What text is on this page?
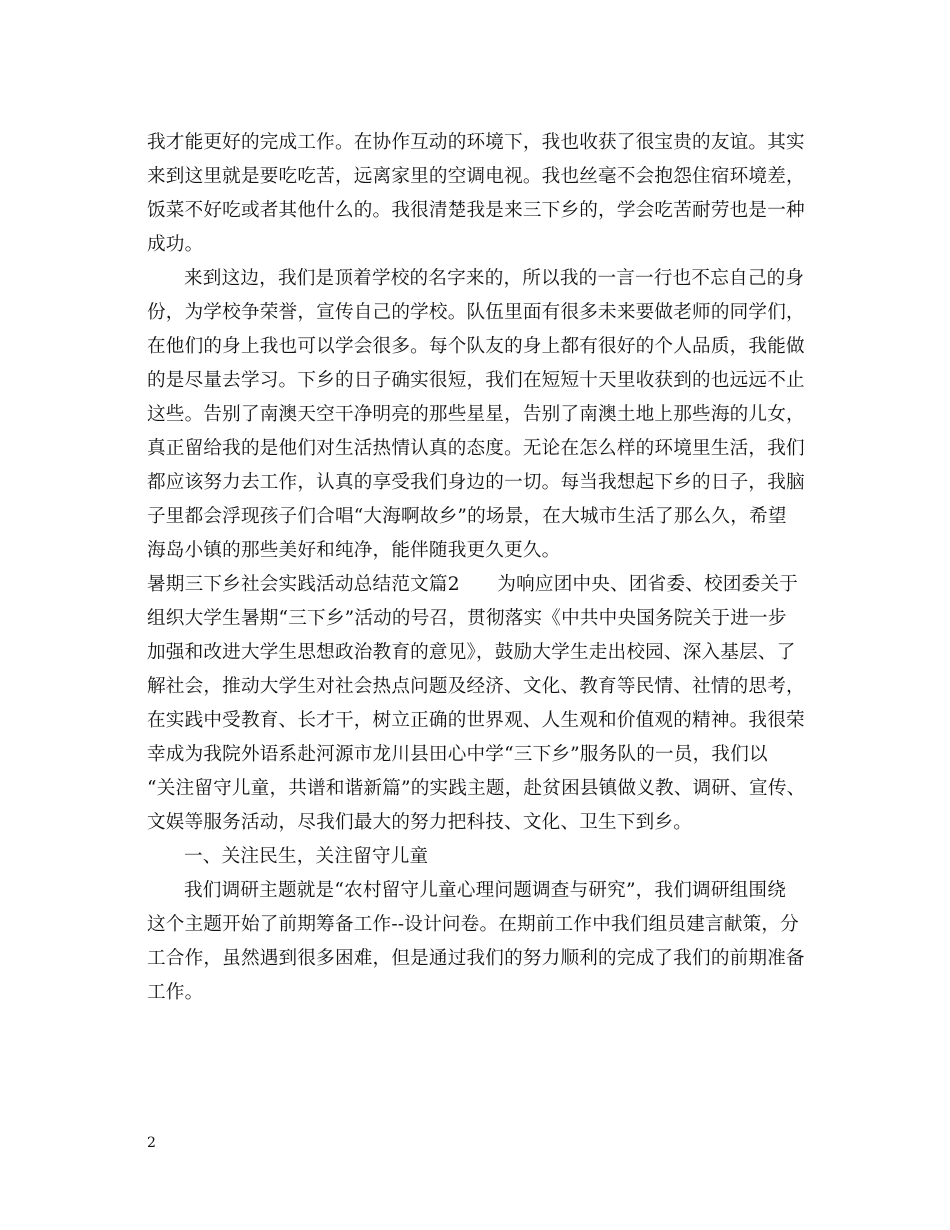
我才能更好的完成工作。在协作互动的环境下，我也收获了很宝贵的友谊。其实
来到这里就是要吃吃苦，远离家里的空调电视。我也丝毫不会抱怨住宿环境差，
饭菜不好吃或者其他什么的。我很清楚我是来三下乡的，学会吃苦耐劳也是一种
成功。
来到这边，我们是顶着学校的名字来的，所以我的一言一行也不忘自己的身
份，为学校争荣誉，宣传自己的学校。队伍里面有很多未来要做老师的同学们，
在他们的身上我也可以学会很多。每个队友的身上都有很好的个人品质，我能做
的是尽量去学习。下乡的日子确实很短，我们在短短十天里收获到的也远远不止
这些。告别了南澳天空干净明亮的那些星星，告别了南澳土地上那些海的儿女，
真正留给我的是他们对生活热情认真的态度。无论在怎么样的环境里生活，我们
都应该努力去工作，认真的享受我们身边的一切。每当我想起下乡的日子，我脑
子里都会浮现孩子们合唱“大海啊故乡”的场景，在大城市生活了那么久，希望
海岛小镇的那些美好和纯净，能伴随我更久更久。
暑期三下乡社会实践活动总结范文篇2　　为响应团中央、团省委、校团委关于
组织大学生暑期“三下乡”活动的号召，贯彻落实《中共中央国务院关于进一步
加强和改进大学生思想政治教育的意见》，鼓励大学生走出校园、深入基层、了
解社会，推动大学生对社会热点问题及经济、文化、教育等民情、社情的思考，
在实践中受教育、长才干，树立正确的世界观、人生观和价值观的精神。我很荣
幸成为我院外语系赴河源市龙川县田心中学“三下乡”服务队的一员，我们以
“关注留守儿童，共谱和谐新篇”的实践主题，赴贫困县镇做义教、调研、宣传、
文娱等服务活动，尽我们最大的努力把科技、文化、卫生下到乡。
一、关注民生，关注留守儿童
我们调研主题就是“农村留守儿童心理问题调查与研究”，我们调研组围绕
这个主题开始了前期筹备工作--设计问卷。在期前工作中我们组员建言献策，分
工合作，虽然遇到很多困难，但是通过我们的努力顺利的完成了我们的前期准备
工作。
2
